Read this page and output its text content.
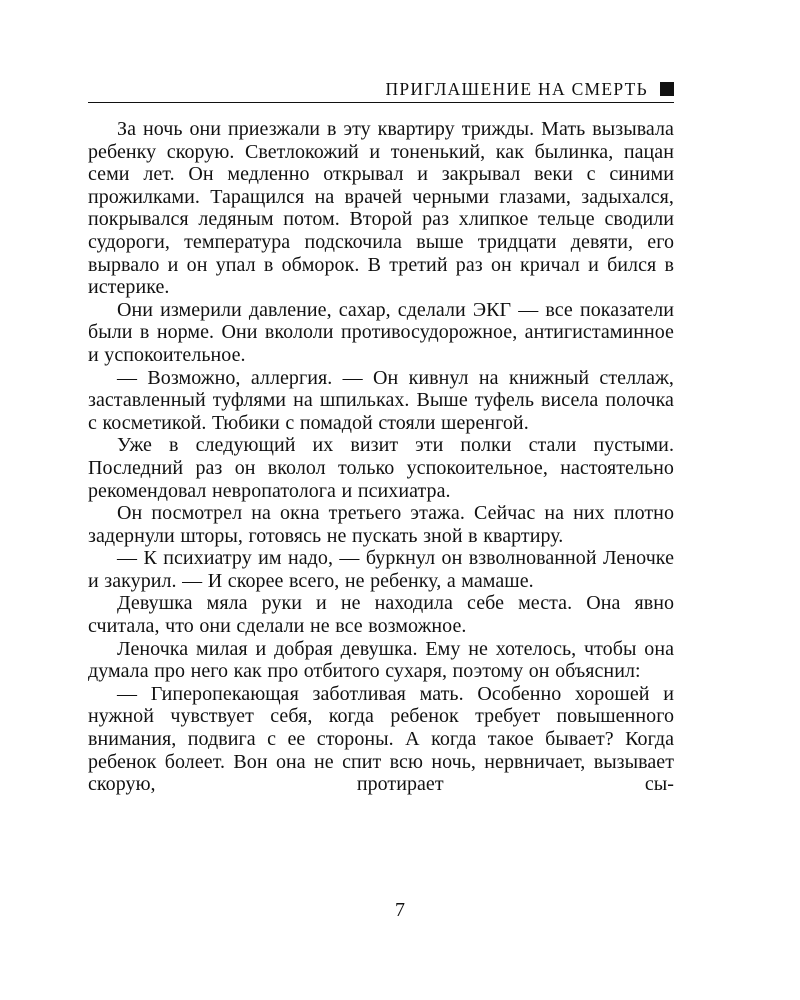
ПРИГЛАШЕНИЕ НА СМЕРТЬ

За ночь они приезжали в эту квартиру трижды. Мать вызывала ребенку скорую. Светлокожий и тоненький, как былинка, пацан семи лет. Он медленно открывал и закрывал веки с синими прожилками. Таращился на врачей черными глазами, задыхался, покрывался ледяным потом. Второй раз хлипкое тельце сводили судороги, температура подскочила выше тридцати девяти, его вырвало и он упал в обморок. В третий раз он кричал и бился в истерике.

Они измерили давление, сахар, сделали ЭКГ — все показатели были в норме. Они вкололи противосудорожное, антигистаминное и успокоительное.

— Возможно, аллергия. — Он кивнул на книжный стеллаж, заставленный туфлями на шпильках. Выше туфель висела полочка с косметикой. Тюбики с помадой стояли шеренгой.

Уже в следующий их визит эти полки стали пустыми. Последний раз он вколол только успокоительное, настоятельно рекомендовал невропатолога и психиатра.

Он посмотрел на окна третьего этажа. Сейчас на них плотно задернули шторы, готовясь не пускать зной в квартиру.

— К психиатру им надо, — буркнул он взволнованной Леночке и закурил. — И скорее всего, не ребенку, а мамаше.

Девушка мяла руки и не находила себе места. Она явно считала, что они сделали не все возможное.

Леночка милая и добрая девушка. Ему не хотелось, чтобы она думала про него как про отбитого сухаря, поэтому он объяснил:

— Гиперопекающая заботливая мать. Особенно хорошей и нужной чувствует себя, когда ребенок требует повышенного внимания, подвига с ее стороны. А когда такое бывает? Когда ребенок болеет. Вон она не спит всю ночь, нервничает, вызывает скорую, протирает сы-

7
